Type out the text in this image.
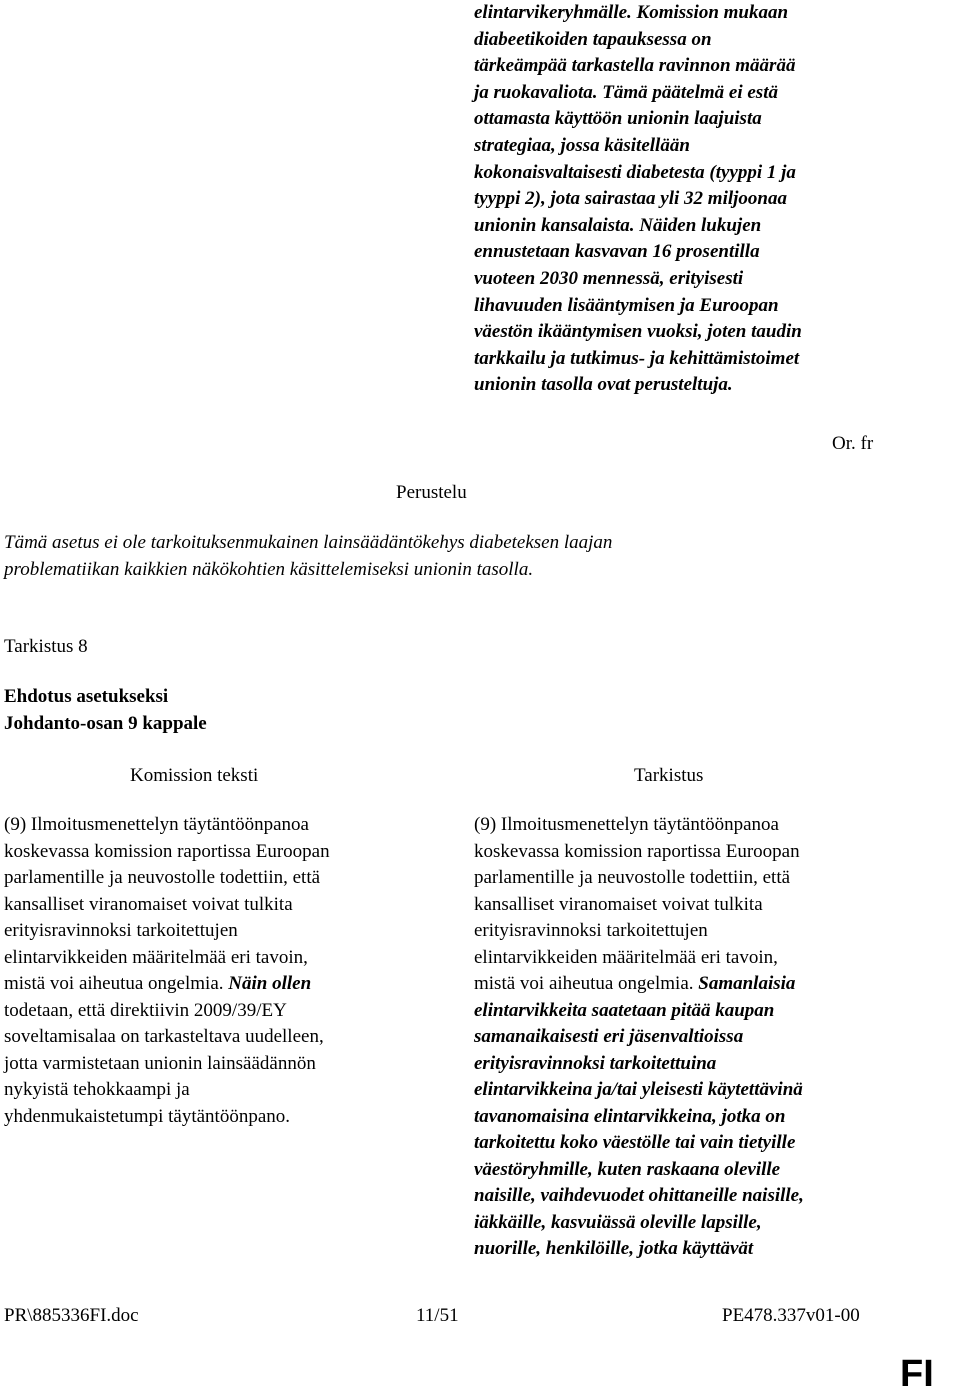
elintarvikeryhmälle. Komission mukaan
diabeetikoiden tapauksessa on
tärkeämpää tarkastella ravinnon määrää
ja ruokavaliota. Tämä päätelmä ei estä
ottamasta käyttöön unionin laajuista
strategiaa, jossa käsitellään
kokonaisvaltaisesti diabetesta (tyyppi 1 ja
tyyppi 2), jota sairastaa yli 32 miljoonaa
unionin kansalaista. Näiden lukujen
ennustetaan kasvavan 16 prosentilla
vuoteen 2030 mennessä, erityisesti
lihavuuden lisääntymisen ja Euroopan
väestön ikääntymisen vuoksi, joten taudin
tarkkailu ja tutkimus- ja kehittämistoimet
unionin tasolla ovat perusteltuja.
Or. fr
Perustelu
Tämä asetus ei ole tarkoituksenmukainen lainsäädäntökehys diabeteksen laajan
problematiikan kaikkien näkökohtien käsittelemiseksi unionin tasolla.
Tarkistus 8
Ehdotus asetukseksi
Johdanto-osan 9 kappale
Komission teksti	Tarkistus
(9) Ilmoitusmenettelyn täytäntöönpanoa
koskevassa komission raportissa Euroopan
parlamentille ja neuvostolle todettiin, että
kansalliset viranomaiset voivat tulkita
erityisravinnoksi tarkoitettujen
elintarvikkeiden määritelmää eri tavoin,
mistä voi aiheutua ongelmia. Näin ollen
todetaan, että direktiivin 2009/39/EY
soveltamisalaa on tarkasteltava uudelleen,
jotta varmistetaan unionin lainsäädännön
nykyistä tehokkaampi ja
yhdenmukaistetumpi täytäntöönpano.
(9) Ilmoitusmenettelyn täytäntöönpanoa
koskevassa komission raportissa Euroopan
parlamentille ja neuvostolle todettiin, että
kansalliset viranomaiset voivat tulkita
erityisravinnoksi tarkoitettujen
elintarvikkeiden määritelmää eri tavoin,
mistä voi aiheutua ongelmia. Samanlaisia
elintarvikkeita saatetaan pitää kaupan
samanaikaisesti eri jäsenvaltioissa
erityisravinnoksi tarkoitettuina
elintarvikkeina ja/tai yleisesti käytettävinä
tavanomaisina elintarvikkeina, jotka on
tarkoitettu koko väestölle tai vain tietyille
väestöryhmille, kuten raskaana oleville
naisille, vaihdevuodet ohittaneille naisille,
iäkkäille, kasvuiässä oleville lapsille,
nuorille, henkilöille, jotka käyttävät
PR\885336FI.doc	11/51	PE478.337v01-00
FI
